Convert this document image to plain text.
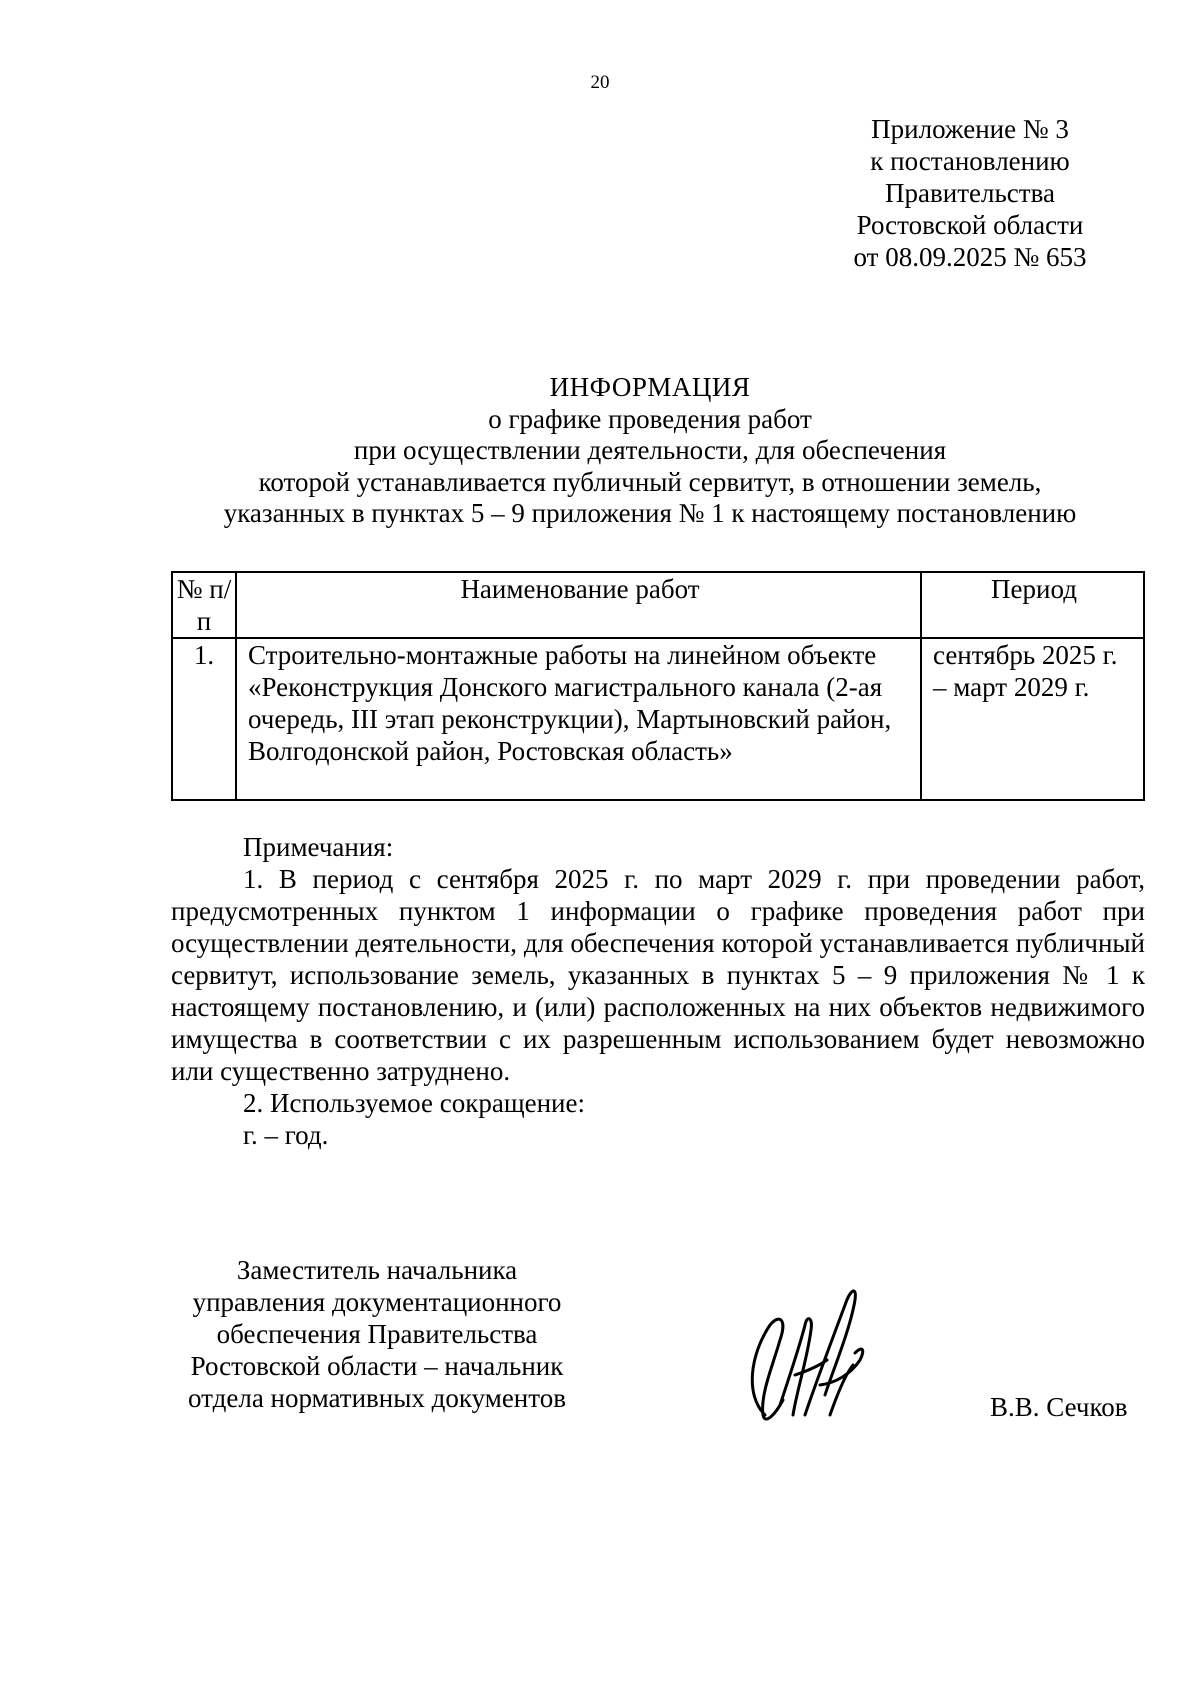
20
Приложение № 3
к постановлению
Правительства
Ростовской области
от 08.09.2025 № 653
ИНФОРМАЦИЯ
о графике проведения работ
при осуществлении деятельности, для обеспечения
которой устанавливается публичный сервитут, в отношении земель,
указанных в пунктах 5 – 9 приложения № 1 к настоящему постановлению
№ п/п	Наименование работ	Период
1.	Строительно-монтажные работы на линейном объекте «Реконструкция Донского магистрального канала (2-ая очередь, III этап реконструкции), Мартыновский район, Волгодонской район, Ростовская область»	сентябрь 2025 г. – март 2029 г.
Примечания:
1. В период с сентября 2025 г. по март 2029 г. при проведении работ, предусмотренных пунктом 1 информации о графике проведения работ при осуществлении деятельности, для обеспечения которой устанавливается публичный сервитут, использование земель, указанных в пунктах 5 – 9 приложения № 1 к настоящему постановлению, и (или) расположенных на них объектов недвижимого имущества в соответствии с их разрешенным использованием будет невозможно или существенно затруднено.
2. Используемое сокращение:
г. – год.
Заместитель начальника
управления документационного
обеспечения Правительства
Ростовской области – начальник
отдела нормативных документов	В.В. Сечков
